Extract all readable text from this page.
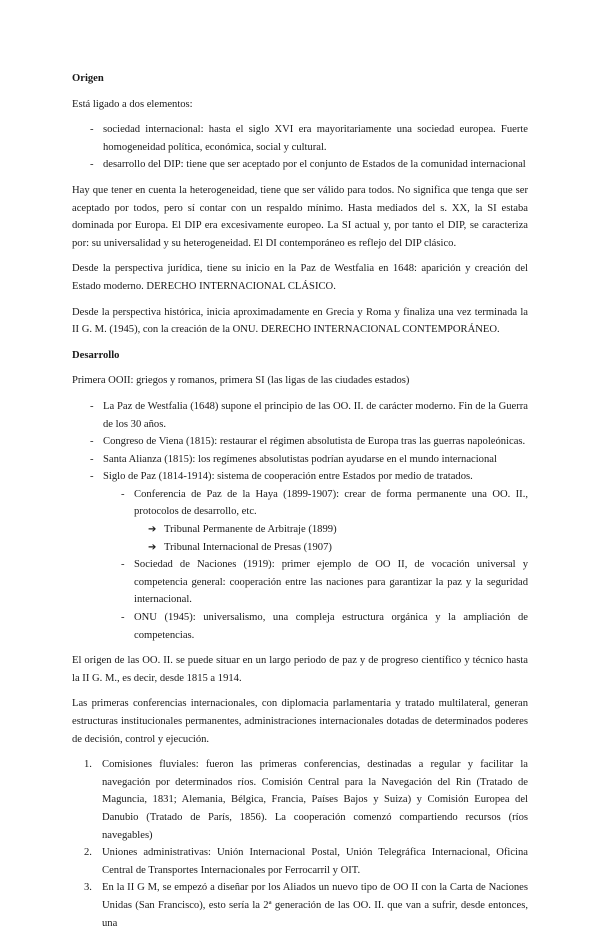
Origen

Está ligado a dos elementos:

- sociedad internacional: hasta el siglo XVI era mayoritariamente una sociedad europea. Fuerte homogeneidad política, económica, social y cultural.
- desarrollo del DIP: tiene que ser aceptado por el conjunto de Estados de la comunidad internacional

Hay que tener en cuenta la heterogeneidad, tiene que ser válido para todos. No significa que tenga que ser aceptado por todos, pero sí contar con un respaldo mínimo. Hasta mediados del s. XX, la SI estaba dominada por Europa. El DIP era excesivamente europeo. La SI actual y, por tanto el DIP, se caracteriza por: su universalidad y su heterogeneidad. El DI contemporáneo es reflejo del DIP clásico.

Desde la perspectiva jurídica, tiene su inicio en la Paz de Westfalia en 1648: aparición y creación del Estado moderno. DERECHO INTERNACIONAL CLÁSICO.

Desde la perspectiva histórica, inicia aproximadamente en Grecia y Roma y finaliza una vez terminada la II G. M. (1945), con la creación de la ONU. DERECHO INTERNACIONAL CONTEMPORÁNEO.

Desarrollo

Primera OOII: griegos y romanos, primera SI (las ligas de las ciudades estados)

- La Paz de Westfalia (1648) supone el principio de las OO. II. de carácter moderno. Fin de la Guerra de los 30 años.
- Congreso de Viena (1815): restaurar el régimen absolutista de Europa tras las guerras napoleónicas.
- Santa Alianza (1815): los regímenes absolutistas podrían ayudarse en el mundo internacional
- Siglo de Paz (1814-1914): sistema de cooperación entre Estados por medio de tratados.
- Conferencia de Paz de la Haya (1899-1907): crear de forma permanente una OO. II., protocolos de desarrollo, etc.
➔ Tribunal Permanente de Arbitraje (1899)
➔ Tribunal Internacional de Presas (1907)
- Sociedad de Naciones (1919): primer ejemplo de OO II, de vocación universal y competencia general: cooperación entre las naciones para garantizar la paz y la seguridad internacional.
- ONU (1945): universalismo, una compleja estructura orgánica y la ampliación de competencias.

El origen de las OO. II. se puede situar en un largo periodo de paz y de progreso científico y técnico hasta la II G. M., es decir, desde 1815 a 1914.

Las primeras conferencias internacionales, con diplomacia parlamentaria y tratado multilateral, generan estructuras institucionales permanentes, administraciones internacionales dotadas de determinados poderes de decisión, control y ejecución.

1. Comisiones fluviales: fueron las primeras conferencias, destinadas a regular y facilitar la navegación por determinados ríos. Comisión Central para la Navegación del Rin (Tratado de Maguncia, 1831; Alemania, Bélgica, Francia, Países Bajos y Suiza) y Comisión Europea del Danubio (Tratado de París, 1856). La cooperación comenzó compartiendo recursos (ríos navegables)
2. Uniones administrativas: Unión Internacional Postal, Unión Telegráfica Internacional, Oficina Central de Transportes Internacionales por Ferrocarril y OIT.
3. En la II G M, se empezó a diseñar por los Aliados un nuevo tipo de OO II con la Carta de Naciones Unidas (San Francisco), esto sería la 2ª generación de las OO. II. que van a sufrir, desde entonces, una
